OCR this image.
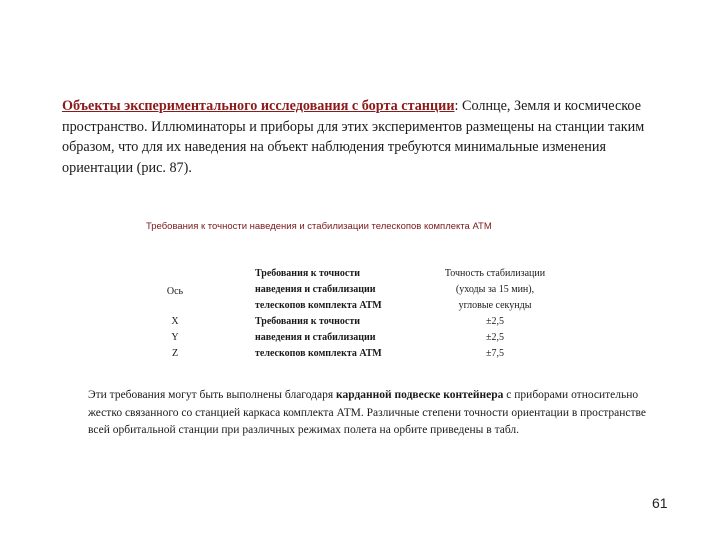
Объекты экспериментального исследования с борта станции: Солнце, Земля и космическое пространство. Иллюминаторы и приборы для этих экспериментов размещены на станции таким образом, что для их наведения на объект наблюдения требуются минимальные изменения ориентации (рис. 87).

Требования к точности наведения и стабилизации телескопов комплекта АТМ

Ось
X
Y
Z
Требования к точности
наведения и стабилизации
телескопов комплекта АТМ
Требования к точности
наведения и стабилизации
телескопов комплекта АТМ
Точность стабилизации
(уходы за 15 мин),
угловые секунды
±2,5
±2,5
±7,5

Эти требования могут быть выполнены благодаря карданной подвеске контейнера с приборами относительно жестко связанного со станцией каркаса комплекта АТМ. Различные степени точности ориентации в пространстве всей орбитальной станции при различных режимах полета на орбите приведены в табл.

61
